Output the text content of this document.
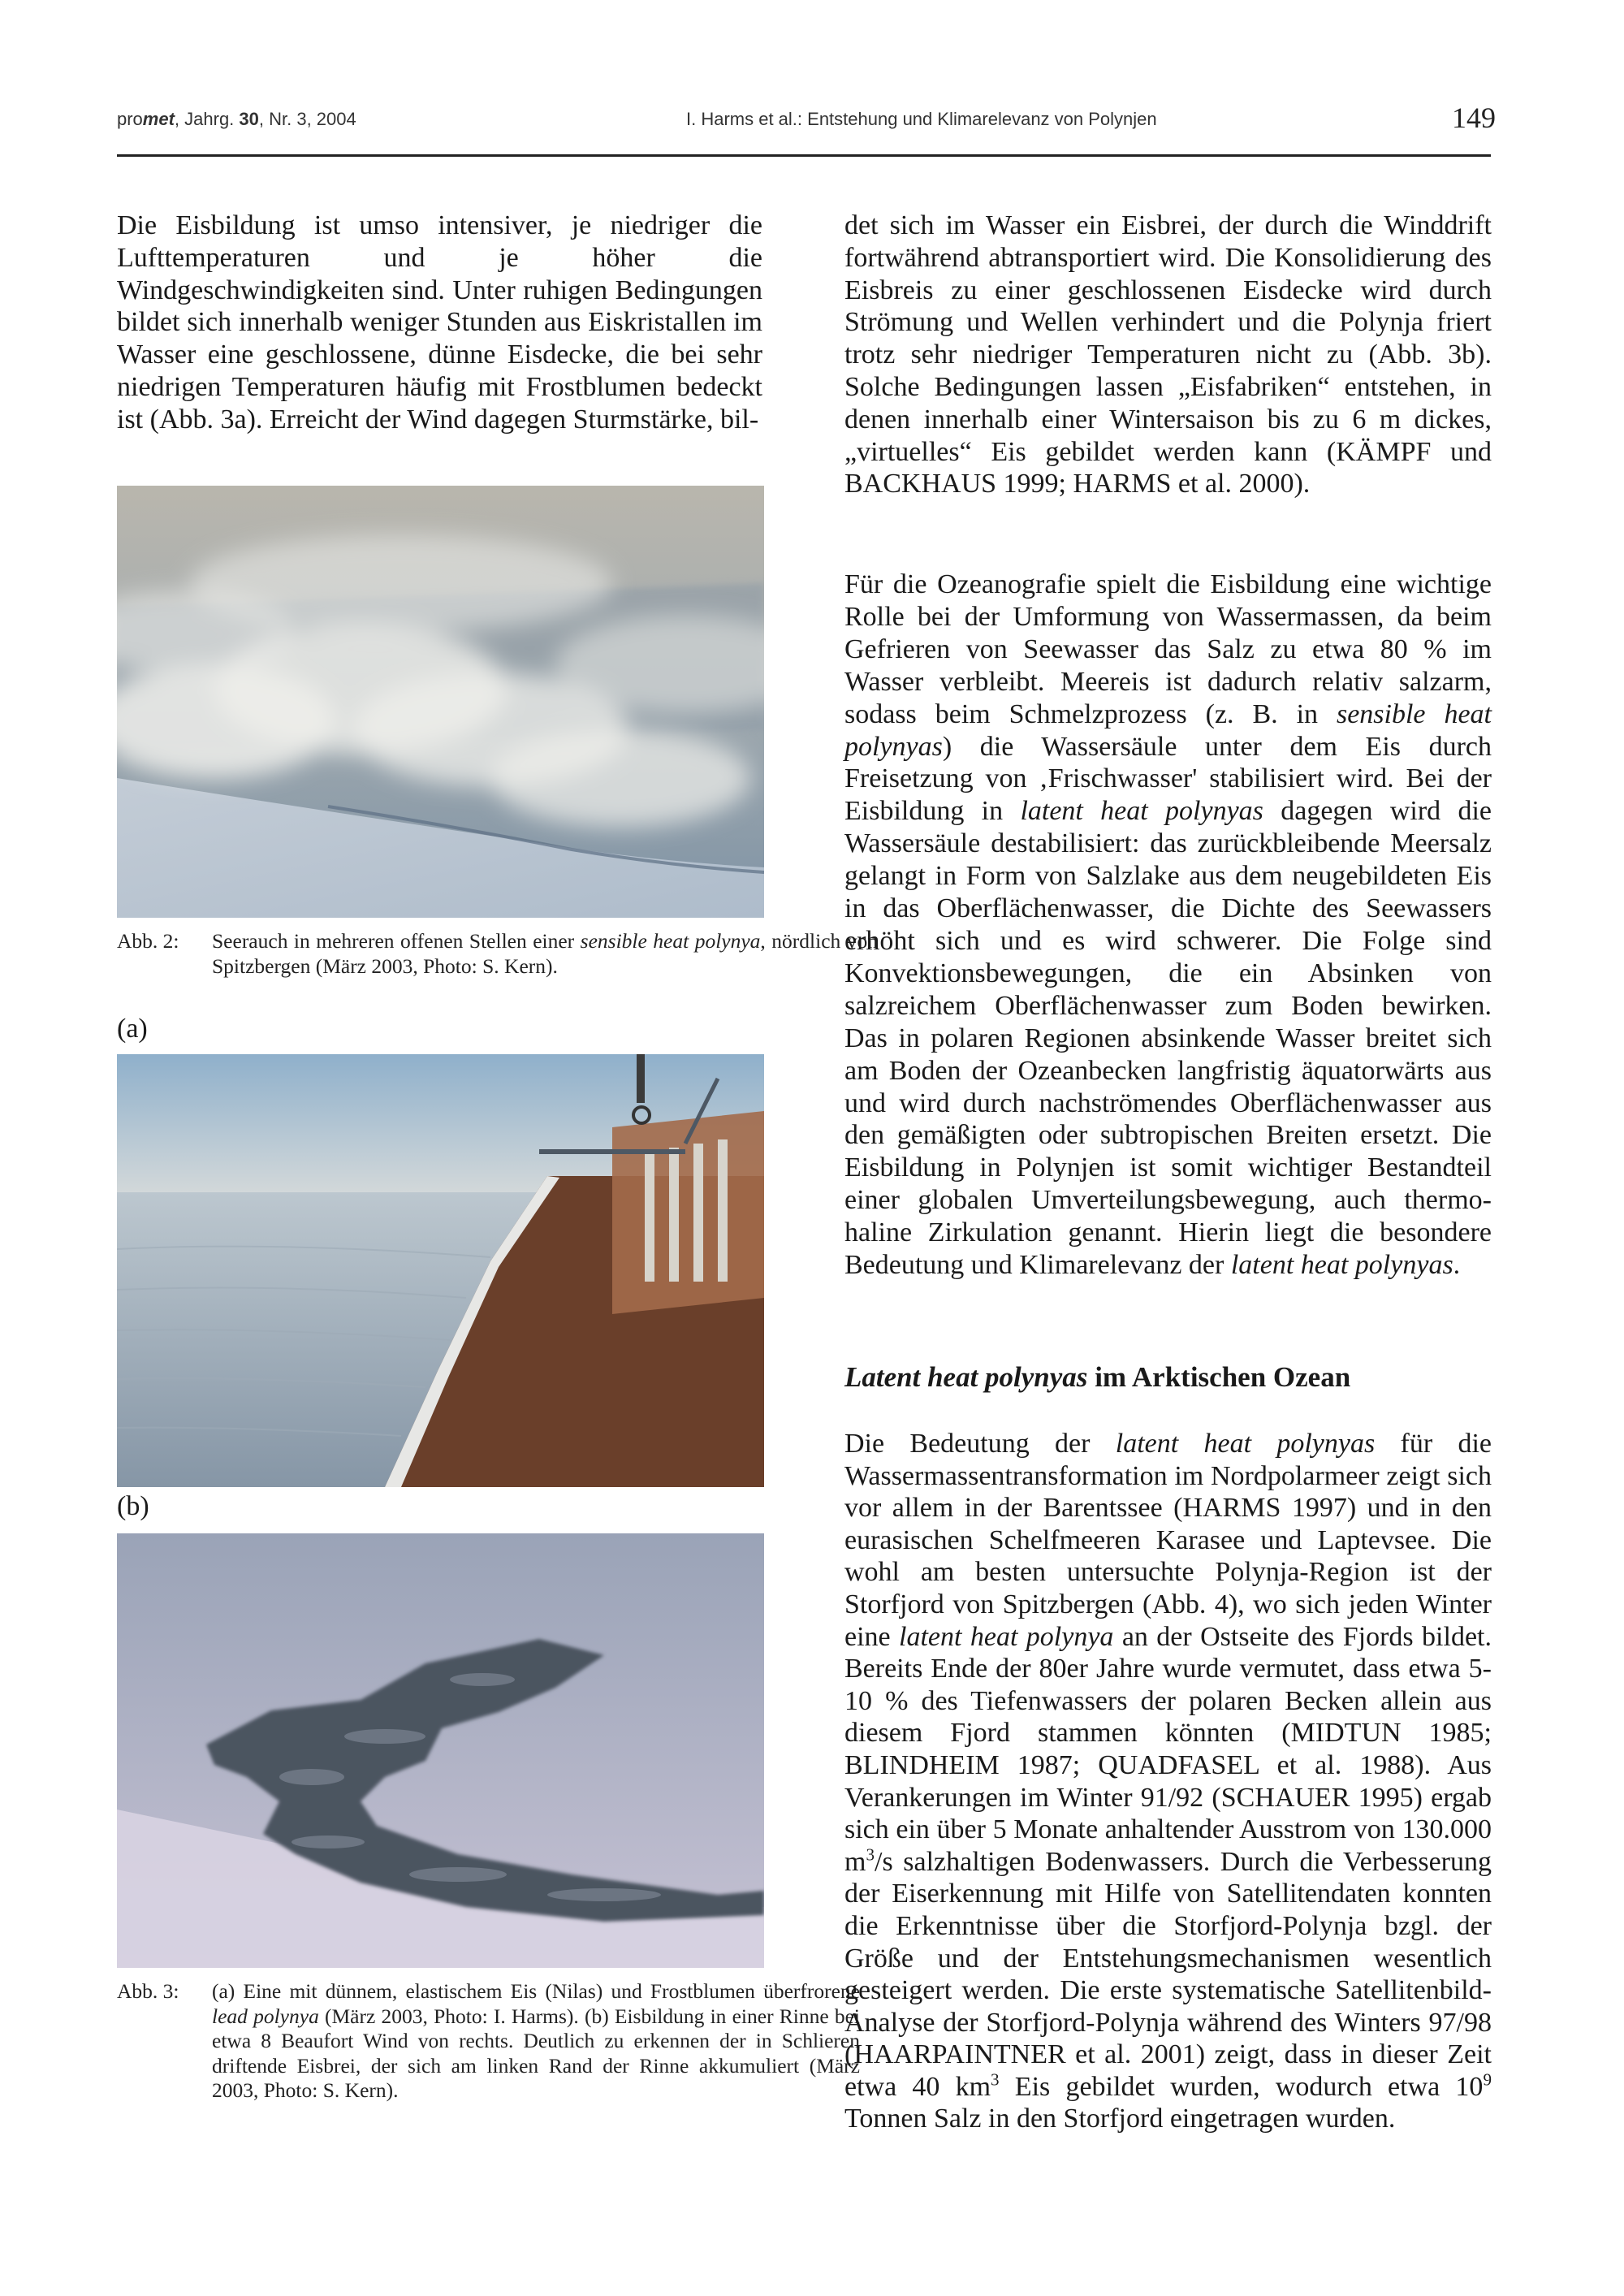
promet, Jahrg. 30, Nr. 3, 2004	I. Harms et al.: Entstehung und Klimarelevanz von Polynjen	149

Die Eisbildung ist umso intensiver, je niedriger die Lufttemperaturen und je höher die Windgeschwindigkeiten sind. Unter ruhigen Bedingungen bildet sich innerhalb weniger Stunden aus Eiskristallen im Wasser eine geschlossene, dünne Eisdecke, die bei sehr niedrigen Temperaturen häufig mit Frostblumen bedeckt ist (Abb. 3a). Erreicht der Wind dagegen Sturmstärke, bil-

Abb. 2: Seerauch in mehreren offenen Stellen einer sensible heat polynya, nördlich von Spitzbergen (März 2003, Photo: S. Kern).
(a)
(b)
Abb. 3: (a) Eine mit dünnem, elastischem Eis (Nilas) und Frostblumen überfrorene lead polynya (März 2003, Photo: I. Harms). (b) Eisbildung in einer Rinne bei etwa 8 Beaufort Wind von rechts. Deutlich zu erkennen der in Schlieren driftende Eisbrei, der sich am linken Rand der Rinne akkumuliert (März 2003, Photo: S. Kern).

det sich im Wasser ein Eisbrei, der durch die Winddrift fortwährend abtransportiert wird. Die Konsolidierung des Eisbreis zu einer geschlossenen Eisdecke wird durch Strömung und Wellen verhindert und die Polynja friert trotz sehr niedriger Temperaturen nicht zu (Abb. 3b). Solche Bedingungen lassen „Eisfabriken“ entstehen, in denen innerhalb einer Wintersaison bis zu 6 m dickes, „virtuelles“ Eis gebildet werden kann (KÄMPF und BACKHAUS 1999; HARMS et al. 2000).

Für die Ozeanografie spielt die Eisbildung eine wichtige Rolle bei der Umformung von Wassermassen, da beim Gefrieren von Seewasser das Salz zu etwa 80 % im Wasser verbleibt. Meereis ist dadurch relativ salzarm, sodass beim Schmelzprozess (z. B. in sensible heat polynyas) die Wassersäule unter dem Eis durch Freisetzung von ‚Frischwasser' stabilisiert wird. Bei der Eisbildung in latent heat polynyas dagegen wird die Wassersäule destabilisiert: das zurückbleibende Meersalz gelangt in Form von Salzlake aus dem neugebildeten Eis in das Oberflächenwasser, die Dichte des Seewassers erhöht sich und es wird schwerer. Die Folge sind Konvektionsbewegungen, die ein Absinken von salzreichem Oberflächenwasser zum Boden bewirken. Das in polaren Regionen absinkende Wasser breitet sich am Boden der Ozeanbecken langfristig äquatorwärts aus und wird durch nachströmendes Oberflächenwasser aus den gemäßigten oder subtropischen Breiten ersetzt. Die Eisbildung in Polynjen ist somit wichtiger Bestandteil einer globalen Umverteilungsbewegung, auch thermo-haline Zirkulation genannt. Hierin liegt die besondere Bedeutung und Klimarelevanz der latent heat polynyas.

Latent heat polynyas im Arktischen Ozean

Die Bedeutung der latent heat polynyas für die Wassermassentransformation im Nordpolarmeer zeigt sich vor allem in der Barentssee (HARMS 1997) und in den eurasischen Schelfmeeren Karasee und Laptevsee. Die wohl am besten untersuchte Polynja-Region ist der Storfjord von Spitzbergen (Abb. 4), wo sich jeden Winter eine latent heat polynya an der Ostseite des Fjords bildet. Bereits Ende der 80er Jahre wurde vermutet, dass etwa 5-10 % des Tiefenwassers der polaren Becken allein aus diesem Fjord stammen könnten (MIDTUN 1985; BLINDHEIM 1987; QUADFASEL et al. 1988). Aus Verankerungen im Winter 91/92 (SCHAUER 1995) ergab sich ein über 5 Monate anhaltender Ausstrom von 130.000 $m^3/s$ salzhaltigen Bodenwassers. Durch die Verbesserung der Eiserkennung mit Hilfe von Satellitendaten konnten die Erkenntnisse über die Storfjord-Polynja bzgl. der Größe und der Entstehungsmechanismen wesentlich gesteigert werden. Die erste systematische Satellitenbild-Analyse der Storfjord-Polynja während des Winters 97/98 (HAARPAINTNER et al. 2001) zeigt, dass in dieser Zeit etwa 40 $km^3$ Eis gebildet wurden, wodurch etwa $10^9$ Tonnen Salz in den Storfjord eingetragen wurden.
